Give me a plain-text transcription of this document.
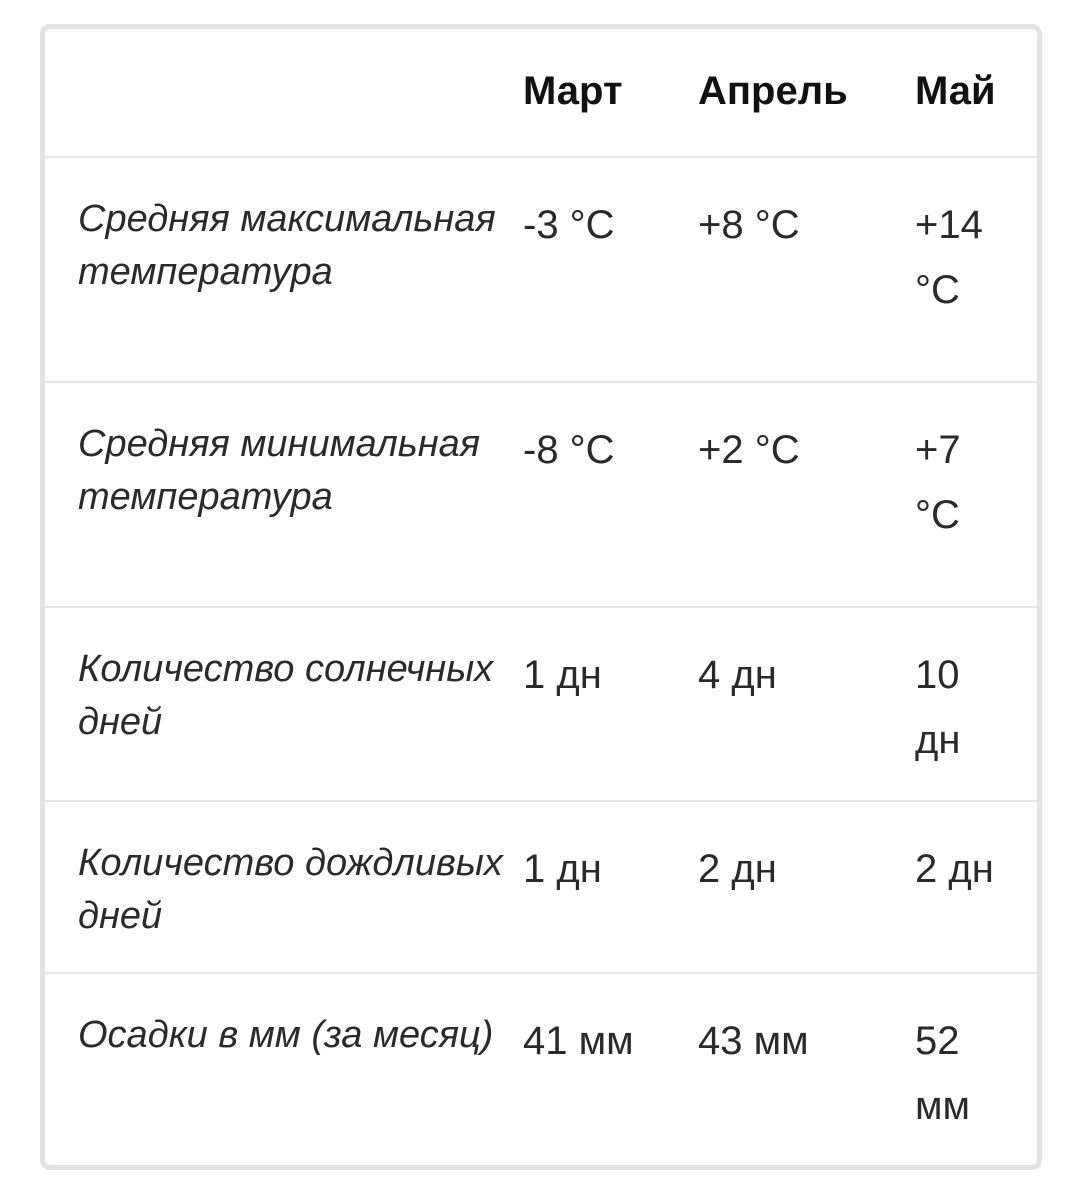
	Март	Апрель	Май
Средняя максимальная температура	-3 °C	+8 °C	+14 °C
Средняя минимальная температура	-8 °C	+2 °C	+7 °C
Количество солнечных дней	1 дн	4 дн	10 дн
Количество дождливых дней	1 дн	2 дн	2 дн
Осадки в мм (за месяц)	41 мм	43 мм	52 мм
